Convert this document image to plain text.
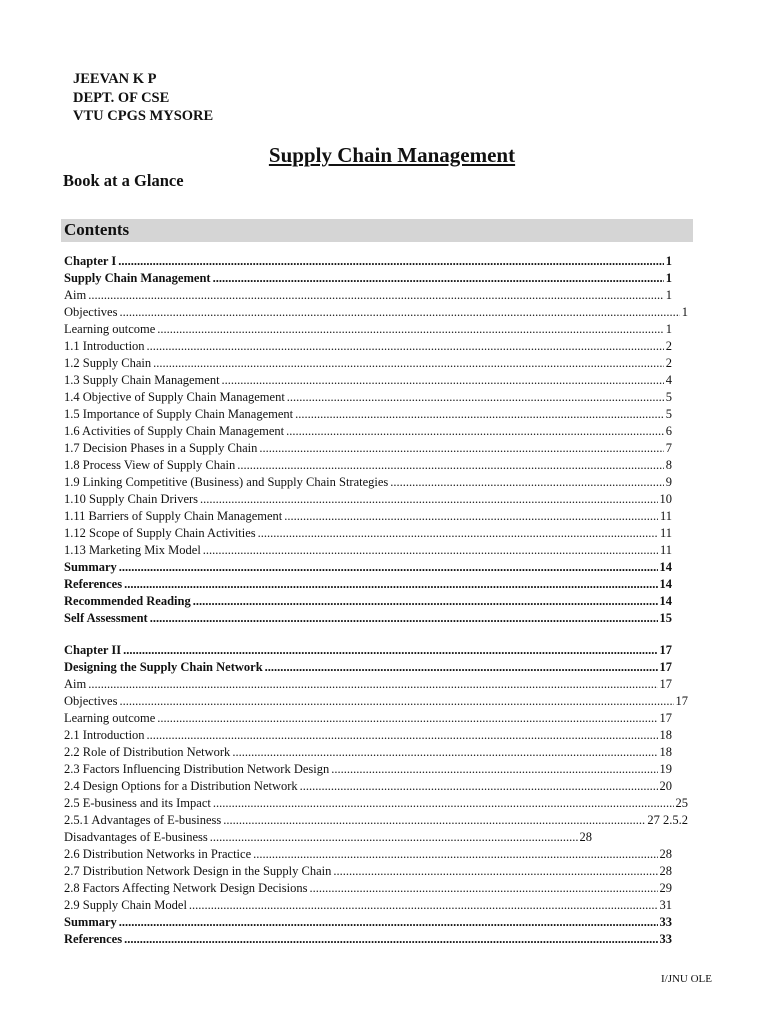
JEEVAN K P
DEPT. OF CSE
VTU CPGS MYSORE
Supply Chain Management
Book at a Glance
Contents
Chapter I .....	1
Supply Chain Management .....	1
Aim .....	1
Objectives .....	1
Learning outcome .....	1
1.1 Introduction .....	2
1.2 Supply Chain .....	2
1.3 Supply Chain Management .....	4
1.4 Objective of Supply Chain Management .....	5
1.5 Importance of Supply Chain Management .....	5
1.6 Activities of Supply Chain Management .....	6
1.7 Decision Phases in a Supply Chain .....	7
1.8 Process View of Supply Chain .....	8
1.9 Linking Competitive (Business) and Supply Chain Strategies .....	9
1.10 Supply Chain Drivers .....	10
1.11 Barriers of Supply Chain Management .....	11
1.12 Scope of Supply Chain Activities .....	11
1.13 Marketing Mix Model .....	11
Summary .....	14
References .....	14
Recommended Reading .....	14
Self Assessment .....	15
Chapter II .....	17
Designing the Supply Chain Network .....	17
Aim .....	17
Objectives .....	17
Learning outcome .....	17
2.1 Introduction .....	18
2.2 Role of Distribution Network .....	18
2.3 Factors Influencing Distribution Network Design .....	19
2.4 Design Options for a Distribution Network .....	20
2.5 E-business and its Impact .....	25
2.5.1 Advantages of E-business .....	27 2.5.2
Disadvantages of E-business .....	28
2.6 Distribution Networks in Practice .....	28
2.7 Distribution Network Design in the Supply Chain .....	28
2.8 Factors Affecting Network Design Decisions .....	29
2.9 Supply Chain Model .....	31
Summary .....	33
References .....	33
I/JNU OLE
